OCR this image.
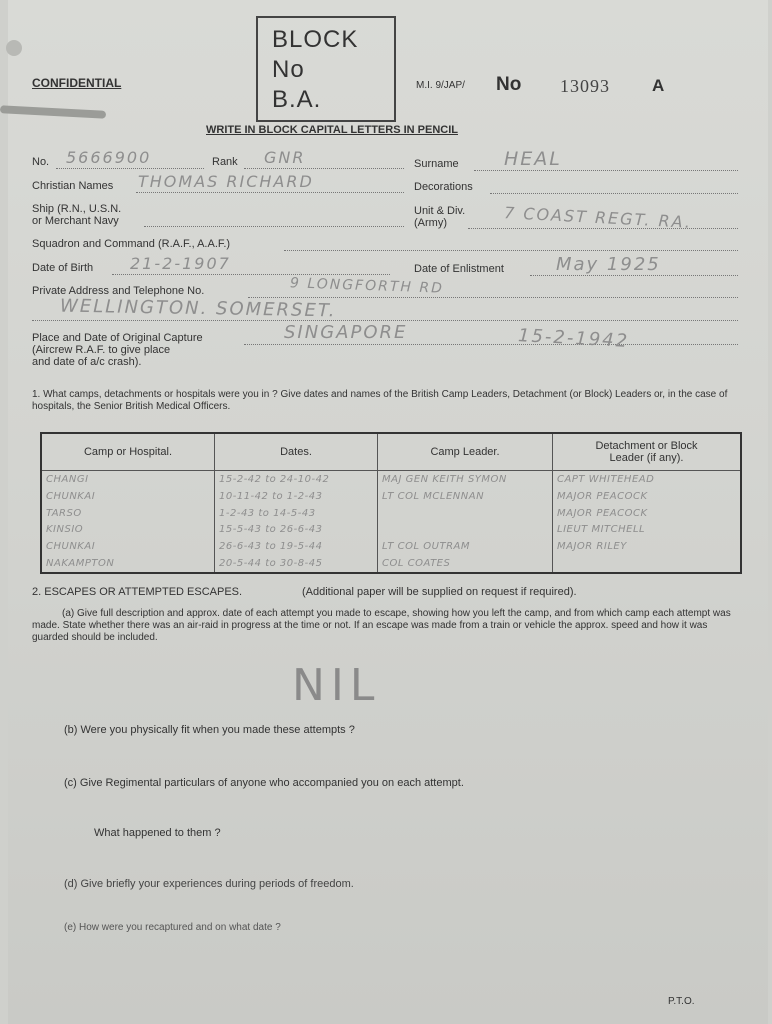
CONFIDENTIAL
BLOCK
No
B.A.
M.I. 9/JAP/ No 13093 A
WRITE IN BLOCK CAPITAL LETTERS IN PENCIL
No. 5666900	Rank GNR	Surname HEAL
Christian Names THOMAS RICHARD	Decorations
Ship (R.N., U.S.N.
or Merchant Navy
Unit & Div.
(Army)	7 COAST REGT. RA.
Squadron and Command (R.A.F., A.A.F.)
Date of Birth 21-2-1907	Date of Enlistment	May 1925
Private Address and Telephone No.	9 LONGFORTH RD
WELLINGTON. SOMERSET.
Place and Date of Original Capture
(Aircrew R.A.F. to give place
and date of a/c crash).
SINGAPORE	15-2-1942
1. What camps, detachments or hospitals were you in ? Give dates and names of the British Camp Leaders, Detachment (or Block) Leaders or, in the case of hospitals, the Senior British Medical Officers.
Camp or Hospital.	Dates.	Camp Leader.	Detachment or Block Leader (if any).
CHANGI	15-2-42 to 24-10-42	MAJ GEN KEITH SYMON	CAPT WHITEHEAD
CHUNKAI	10-11-42 to 1-2-43	LT COL MCLENNAN	MAJOR PEACOCK
TARSO	1-2-43 to 14-5-43		MAJOR PEACOCK
KINSIO	15-5-43 to 26-6-43		LIEUT MITCHELL
CHUNKAI	26-6-43 to 19-5-44	LT COL OUTRAM	MAJOR RILEY
NAKAMPTON	20-5-44 to 30-8-45	COL COATES	
2. ESCAPES OR ATTEMPTED ESCAPES.	(Additional paper will be supplied on request if required).
(a) Give full description and approx. date of each attempt you made to escape, showing how you left the camp, and from which camp each attempt was made. State whether there was an air-raid in progress at the time or not. If an escape was made from a train or vehicle the approx. speed and how it was guarded should be included.
NIL
(b) Were you physically fit when you made these attempts ?
(c) Give Regimental particulars of anyone who accompanied you on each attempt.
What happened to them ?
(d) Give briefly your experiences during periods of freedom.
(e) How were you recaptured and on what date ?
P.T.O.
